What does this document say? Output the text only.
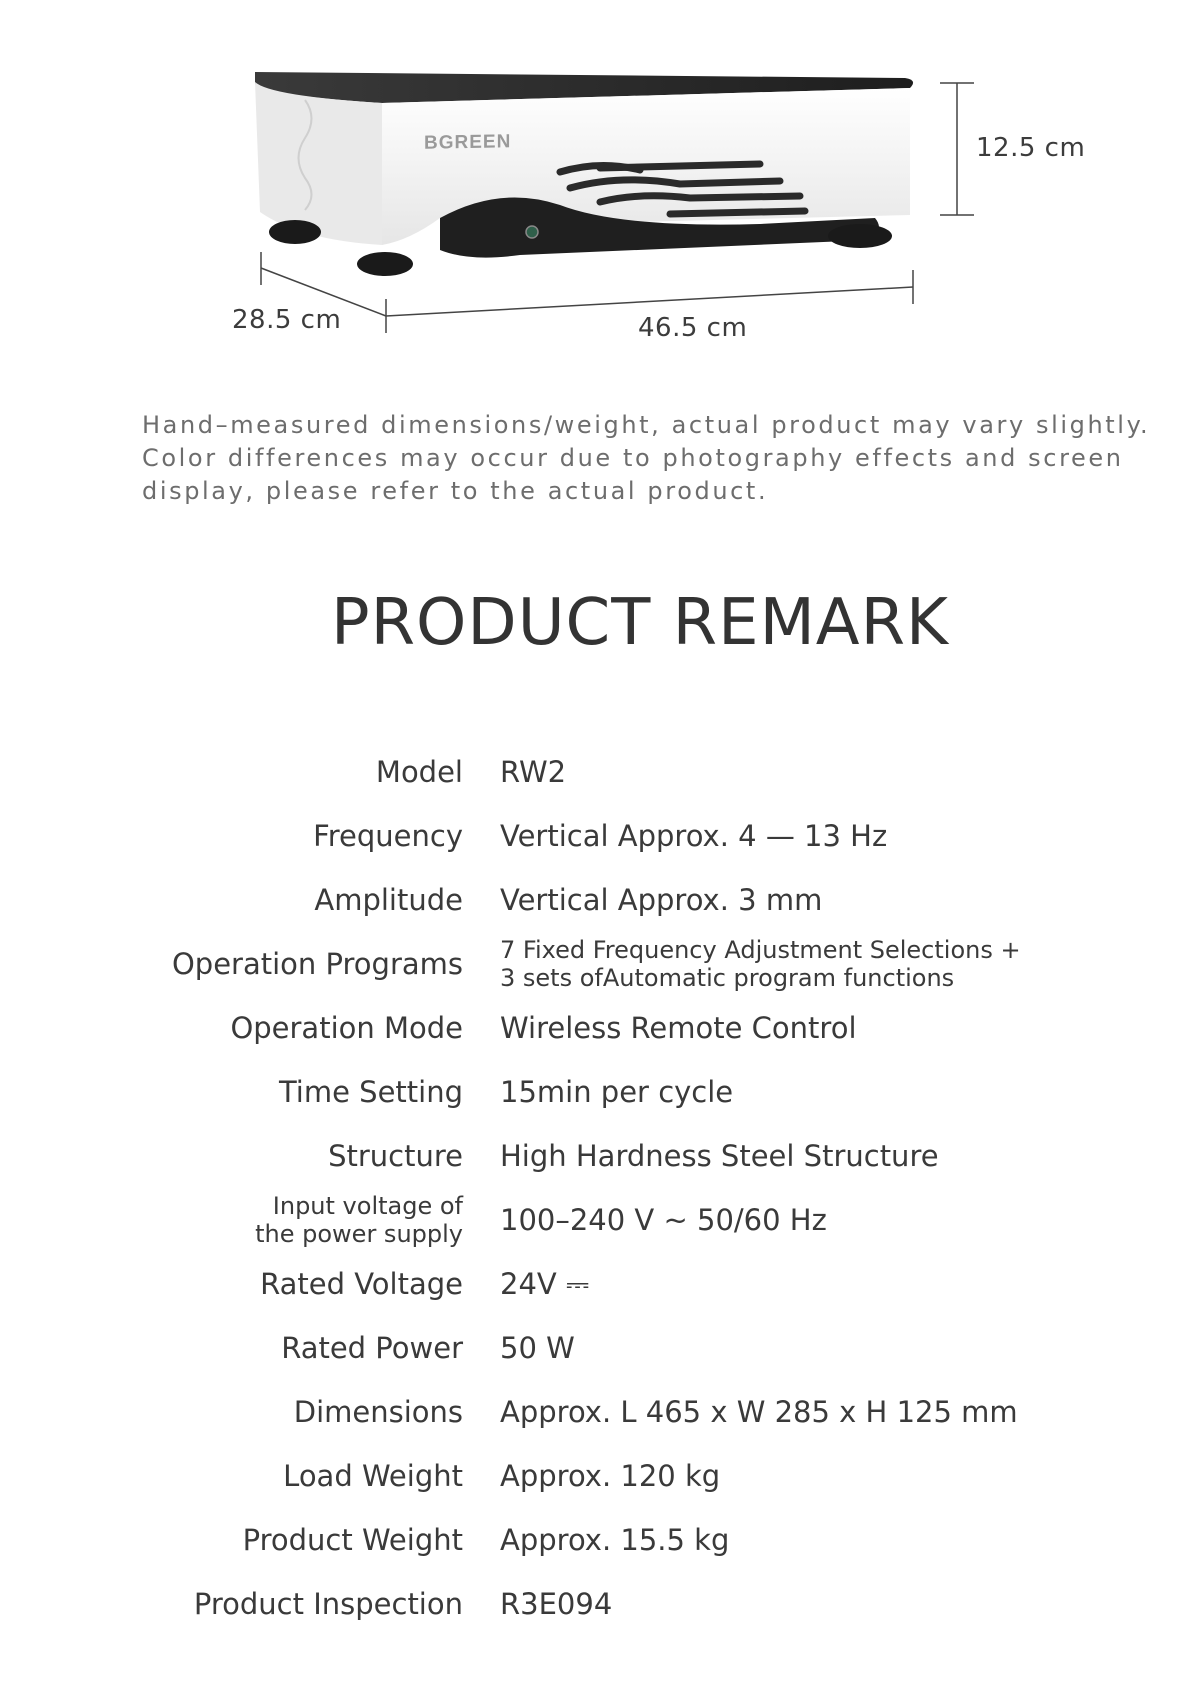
BGREEN	12.5 cm
28.5 cm	46.5 cm

Hand–measured dimensions/weight, actual product may vary slightly.
Color differences may occur due to photography effects and screen
display, please refer to the actual product.

PRODUCT REMARK
Model RW2
Frequency Vertical Approx. 4 — 13 Hz
Amplitude Vertical Approx. 3 mm
Operation Programs 7 Fixed Frequency Adjustment Selections +
3 sets ofAutomatic program functions
Operation Mode Wireless Remote Control
Time Setting 15min per cycle
Structure High Hardness Steel Structure
Input voltage of
the power supply 100–240 V ~ 50/60 Hz
Rated Voltage 24V ⎓
Rated Power 50 W
Dimensions Approx. L 465 x W 285 x H 125 mm
Load Weight Approx. 120 kg
Product Weight Approx. 15.5 kg
Product Inspection R3E094
